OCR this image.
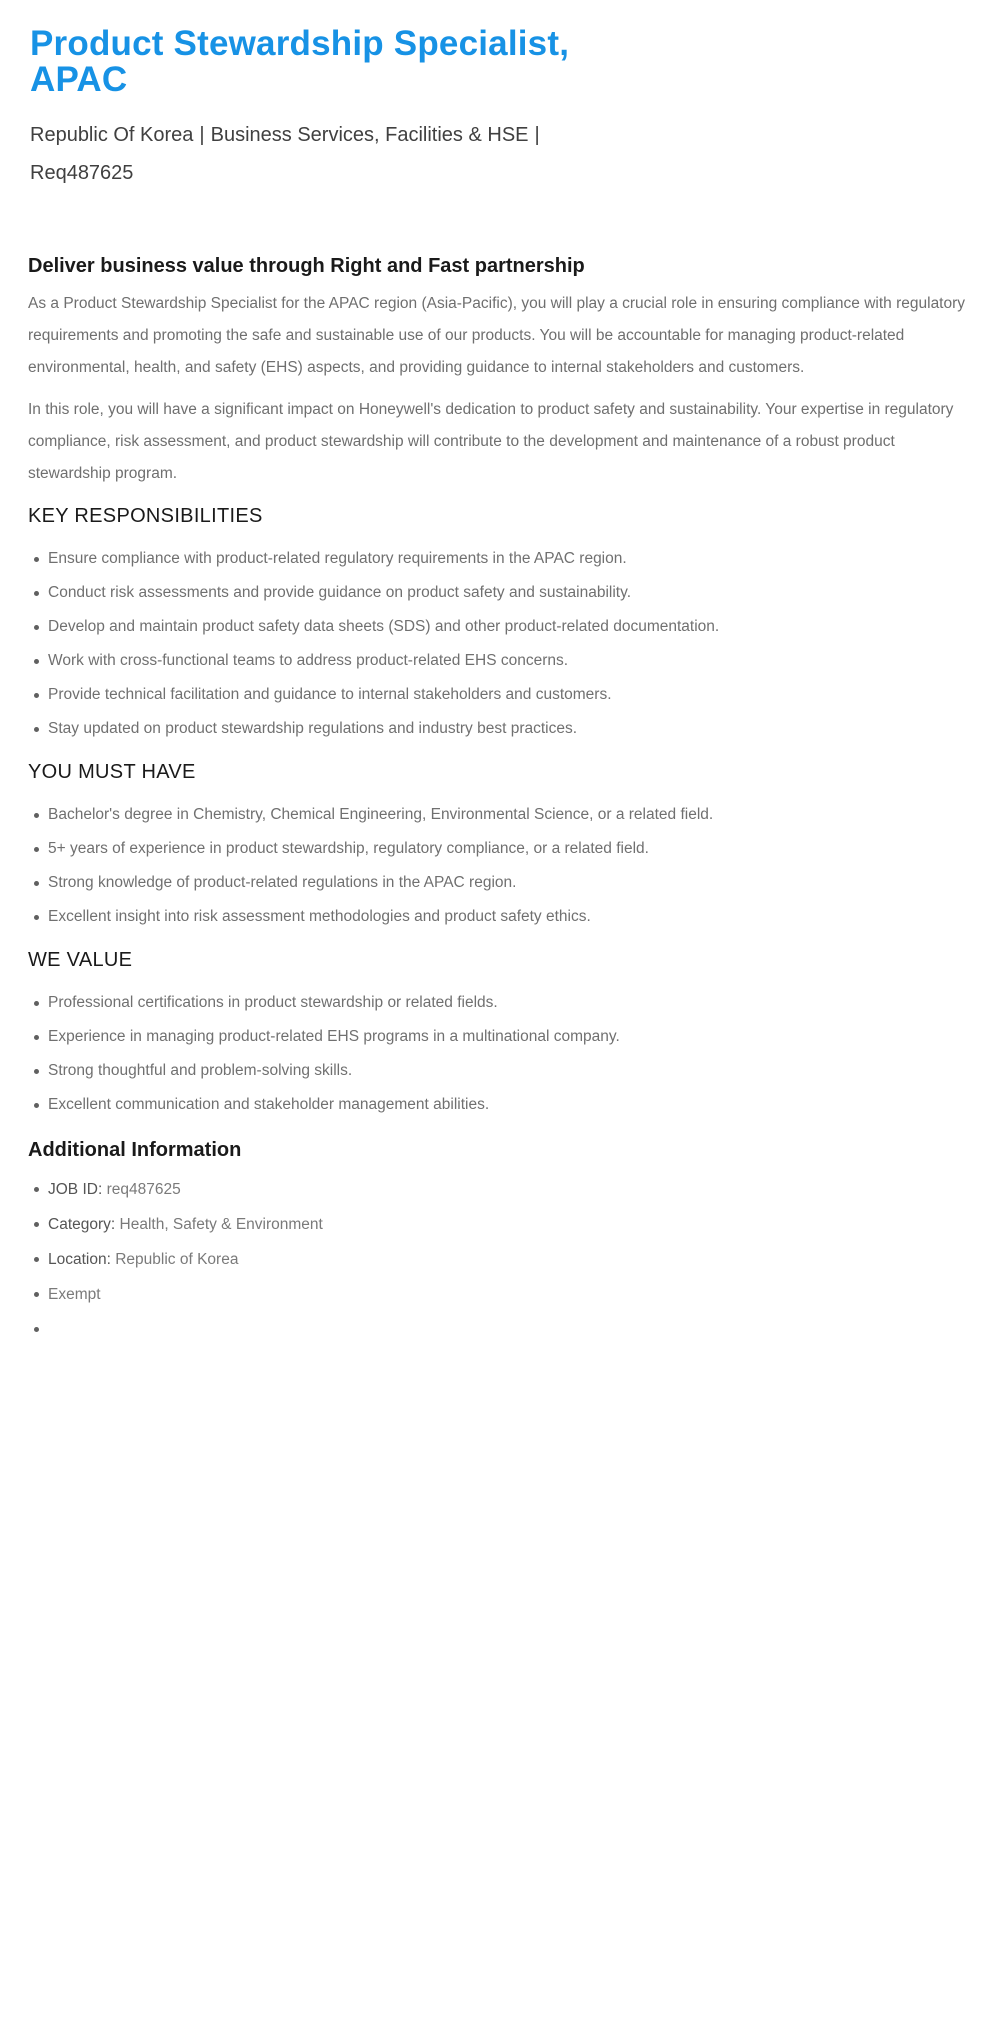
Product Stewardship Specialist, APAC

Republic Of Korea | Business Services, Facilities & HSE |
Req487625

Deliver business value through Right and Fast partnership

As a Product Stewardship Specialist for the APAC region (Asia-Pacific), you will play a crucial role in ensuring compliance with regulatory requirements and promoting the safe and sustainable use of our products. You will be accountable for managing product-related environmental, health, and safety (EHS) aspects, and providing guidance to internal stakeholders and customers.

In this role, you will have a significant impact on Honeywell's dedication to product safety and sustainability. Your expertise in regulatory compliance, risk assessment, and product stewardship will contribute to the development and maintenance of a robust product stewardship program.

KEY RESPONSIBILITIES
Ensure compliance with product-related regulatory requirements in the APAC region.
Conduct risk assessments and provide guidance on product safety and sustainability.
Develop and maintain product safety data sheets (SDS) and other product-related documentation.
Work with cross-functional teams to address product-related EHS concerns.
Provide technical facilitation and guidance to internal stakeholders and customers.
Stay updated on product stewardship regulations and industry best practices.
YOU MUST HAVE
Bachelor's degree in Chemistry, Chemical Engineering, Environmental Science, or a related field.
5+ years of experience in product stewardship, regulatory compliance, or a related field.
Strong knowledge of product-related regulations in the APAC region.
Excellent insight into risk assessment methodologies and product safety ethics.
WE VALUE
Professional certifications in product stewardship or related fields.
Experience in managing product-related EHS programs in a multinational company.
Strong thoughtful and problem-solving skills.
Excellent communication and stakeholder management abilities.
Additional Information
JOB ID: req487625
Category: Health, Safety & Environment
Location: Republic of Korea
Exempt
